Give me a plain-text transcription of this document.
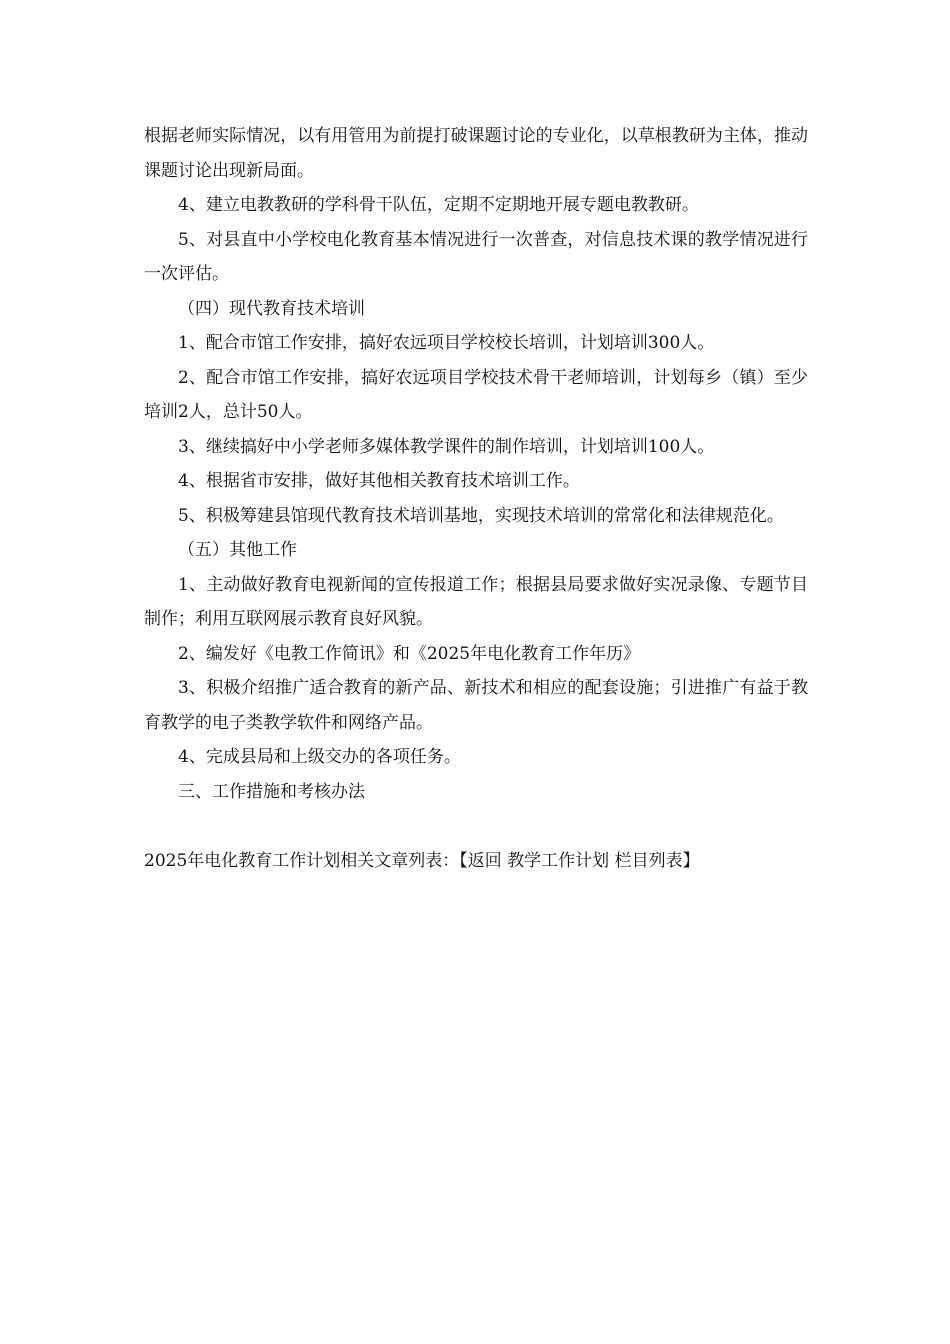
根据老师实际情况，以有用管用为前提打破课题讨论的专业化，以草根教研为主体，推动课题讨论出现新局面。

4、建立电教教研的学科骨干队伍，定期不定期地开展专题电教教研。

5、对县直中小学校电化教育基本情况进行一次普查，对信息技术课的教学情况进行一次评估。

（四）现代教育技术培训

1、配合市馆工作安排，搞好农远项目学校校长培训，计划培训300人。

2、配合市馆工作安排，搞好农远项目学校技术骨干老师培训，计划每乡（镇）至少培训2人，总计50人。

3、继续搞好中小学老师多媒体教学课件的制作培训，计划培训100人。

4、根据省市安排，做好其他相关教育技术培训工作。

5、积极筹建县馆现代教育技术培训基地，实现技术培训的常常化和法律规范化。

（五）其他工作

1、主动做好教育电视新闻的宣传报道工作；根据县局要求做好实况录像、专题节目制作；利用互联网展示教育良好风貌。

2、编发好《电教工作简讯》和《2025年电化教育工作年历》

3、积极介绍推广适合教育的新产品、新技术和相应的配套设施；引进推广有益于教育教学的电子类教学软件和网络产品。

4、完成县局和上级交办的各项任务。

三、工作措施和考核办法

2025年电化教育工作计划相关文章列表：【返回 教学工作计划 栏目列表】
